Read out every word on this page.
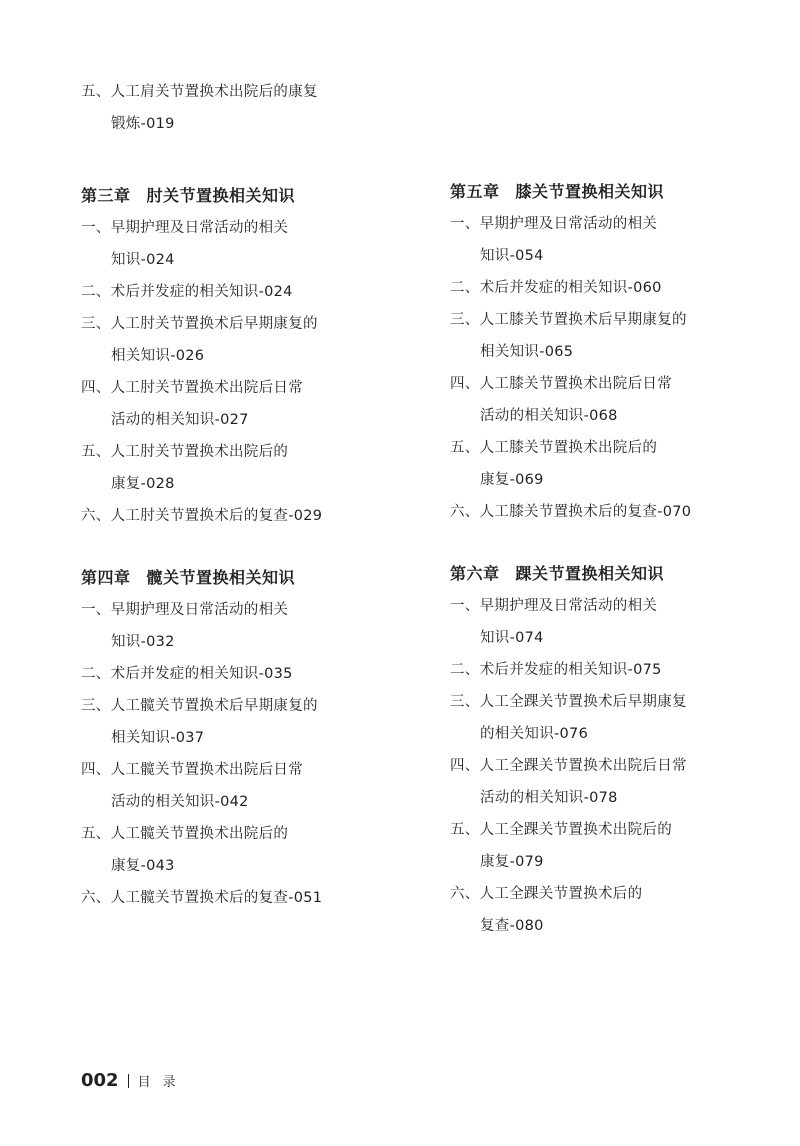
五、人工肩关节置换术出院后的康复
锻炼-019
第三章 肘关节置换相关知识
一、早期护理及日常活动的相关
知识-024
二、术后并发症的相关知识-024
三、人工肘关节置换术后早期康复的
相关知识-026
四、人工肘关节置换术出院后日常
活动的相关知识-027
五、人工肘关节置换术出院后的
康复-028
六、人工肘关节置换术后的复查-029
第四章 髋关节置换相关知识
一、早期护理及日常活动的相关
知识-032
二、术后并发症的相关知识-035
三、人工髋关节置换术后早期康复的
相关知识-037
四、人工髋关节置换术出院后日常
活动的相关知识-042
五、人工髋关节置换术出院后的
康复-043
六、人工髋关节置换术后的复查-051
第五章 膝关节置换相关知识
一、早期护理及日常活动的相关
知识-054
二、术后并发症的相关知识-060
三、人工膝关节置换术后早期康复的
相关知识-065
四、人工膝关节置换术出院后日常
活动的相关知识-068
五、人工膝关节置换术出院后的
康复-069
六、人工膝关节置换术后的复查-070
第六章 踝关节置换相关知识
一、早期护理及日常活动的相关
知识-074
二、术后并发症的相关知识-075
三、人工全踝关节置换术后早期康复
的相关知识-076
四、人工全踝关节置换术出院后日常
活动的相关知识-078
五、人工全踝关节置换术出院后的
康复-079
六、人工全踝关节置换术后的
复查-080
002 目录
